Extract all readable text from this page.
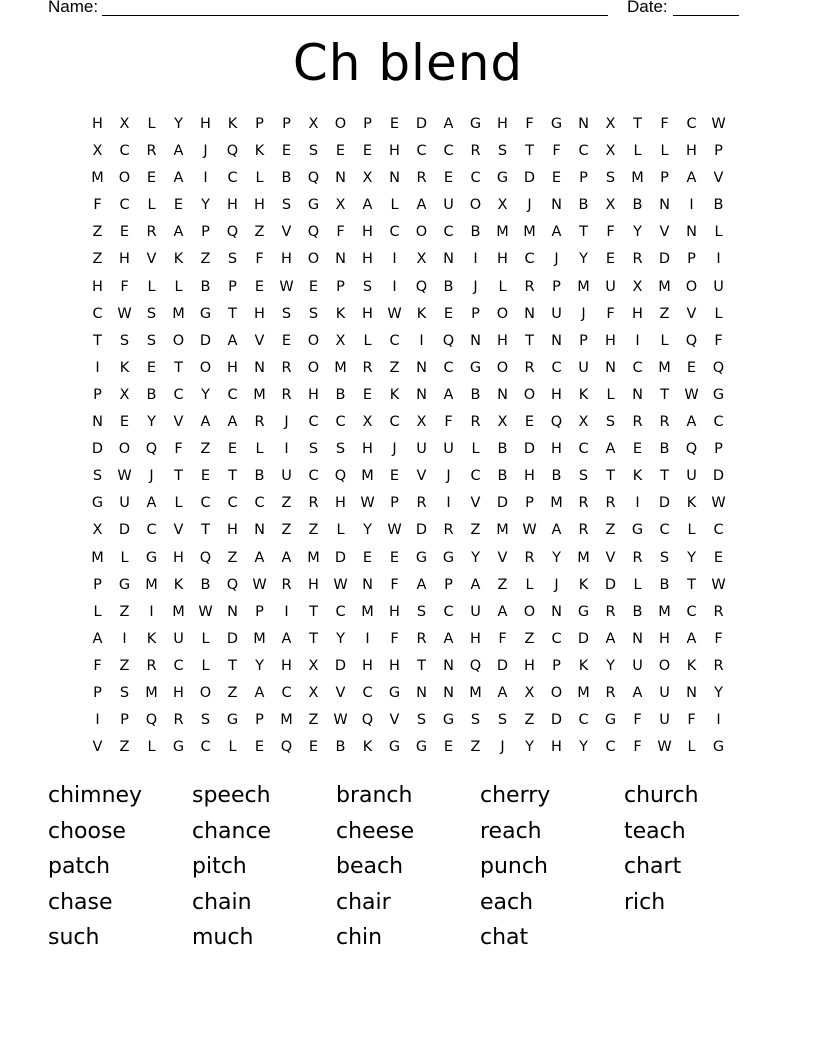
Name:	Date:
Ch blend
H	X	L	Y	H	K	P	P	X	O	P	E	D	A	G	H	F	G	N	X	T	F	C	W
X	C	R	A	J	Q	K	E	S	E	E	H	C	C	R	S	T	F	C	X	L	L	H	P
M	O	E	A	I	C	L	B	Q	N	X	N	R	E	C	G	D	E	P	S	M	P	A	V
F	C	L	E	Y	H	H	S	G	X	A	L	A	U	O	X	J	N	B	X	B	N	I	B
Z	E	R	A	P	Q	Z	V	Q	F	H	C	O	C	B	M M	A	T	F	Y	V	N	L
Z	H	V	K	Z	S	F	H	O	N	H	I	X	N	I	H	C	J	Y	E	R	D	P	I
H	F	L	L	B	P	E	W	E	P	S	I	Q	B	J	L	R	P	M	U	X	M	O	U
C	W	S	M	G	T	H	S	S	K	H W	K	E	P	O	N	U	J	F	H	Z	V	L
T	S	S	O	D	A	V	E	O	X	L	C	I	Q	N	H	T	N	P	H	I	L	Q	F
I	K	E	T	O	H	N	R	O	M	R	Z	N	C	G	O	R	C	U	N	C	M	E	Q
P	X	B	C	Y	C	M	R	H	B	E	K	N	A	B	N	O	H	K	L	N	T	W G
N	E	Y	V	A	A	R	J	C	C	X	C	X	F	R	X	E	Q	X	S	R	R	A	C
D	O	Q	F	Z	E	L	I	S	S	H	J	U	U	L	B	D	H	C	A	E	B	Q	P
S	W	J	T	E	T	B	U	C	Q	M	E	V	J	C	B	H	B	S	T	K	T	U	D
G	U	A	L	C	C	C	Z	R	H W	P	R	I	V	D	P	M	R	R	I	D	K	W
X	D	C	V	T	H	N	Z	Z	L	Y	W D	R	Z	M W	A	R	Z	G	C	L	C
M	L	G	H	Q	Z	A	A	M	D	E	E	G	G	Y	V	R	Y	M	V	R	S	Y	E
P	G	M	K	B	Q W	R	H W N	F	A	P	A	Z	L	J	K	D	L	B	T	W
L	Z	I	M W N	P	I	T	C	M	H	S	C	U	A	O	N	G	R	B	M	C	R
A	I	K	U	L	D	M	A	T	Y	I	F	R	A	H	F	Z	C	D	A	N	H	A	F
F	Z	R	C	L	T	Y	H	X	D	H	H	T	N	Q	D	H	P	K	Y	U	O	K	R
P	S	M	H	O	Z	A	C	X	V	C	G	N	N	M	A	X	O	M	R	A	U	N	Y
I	P	Q	R	S	G	P	M	Z	W Q	V	S	G	S	S	Z	D	C	G	F	U	F	I
V	Z	L	G	C	L	E	Q	E	B	K	G	G	E	Z	J	Y	H	Y	C	F	W	L	G
chimney	speech	branch	cherry	church
choose	chance	cheese	reach	teach
patch	pitch	beach	punch	chart
chase	chain	chair	each	rich
such	much	chin	chat
